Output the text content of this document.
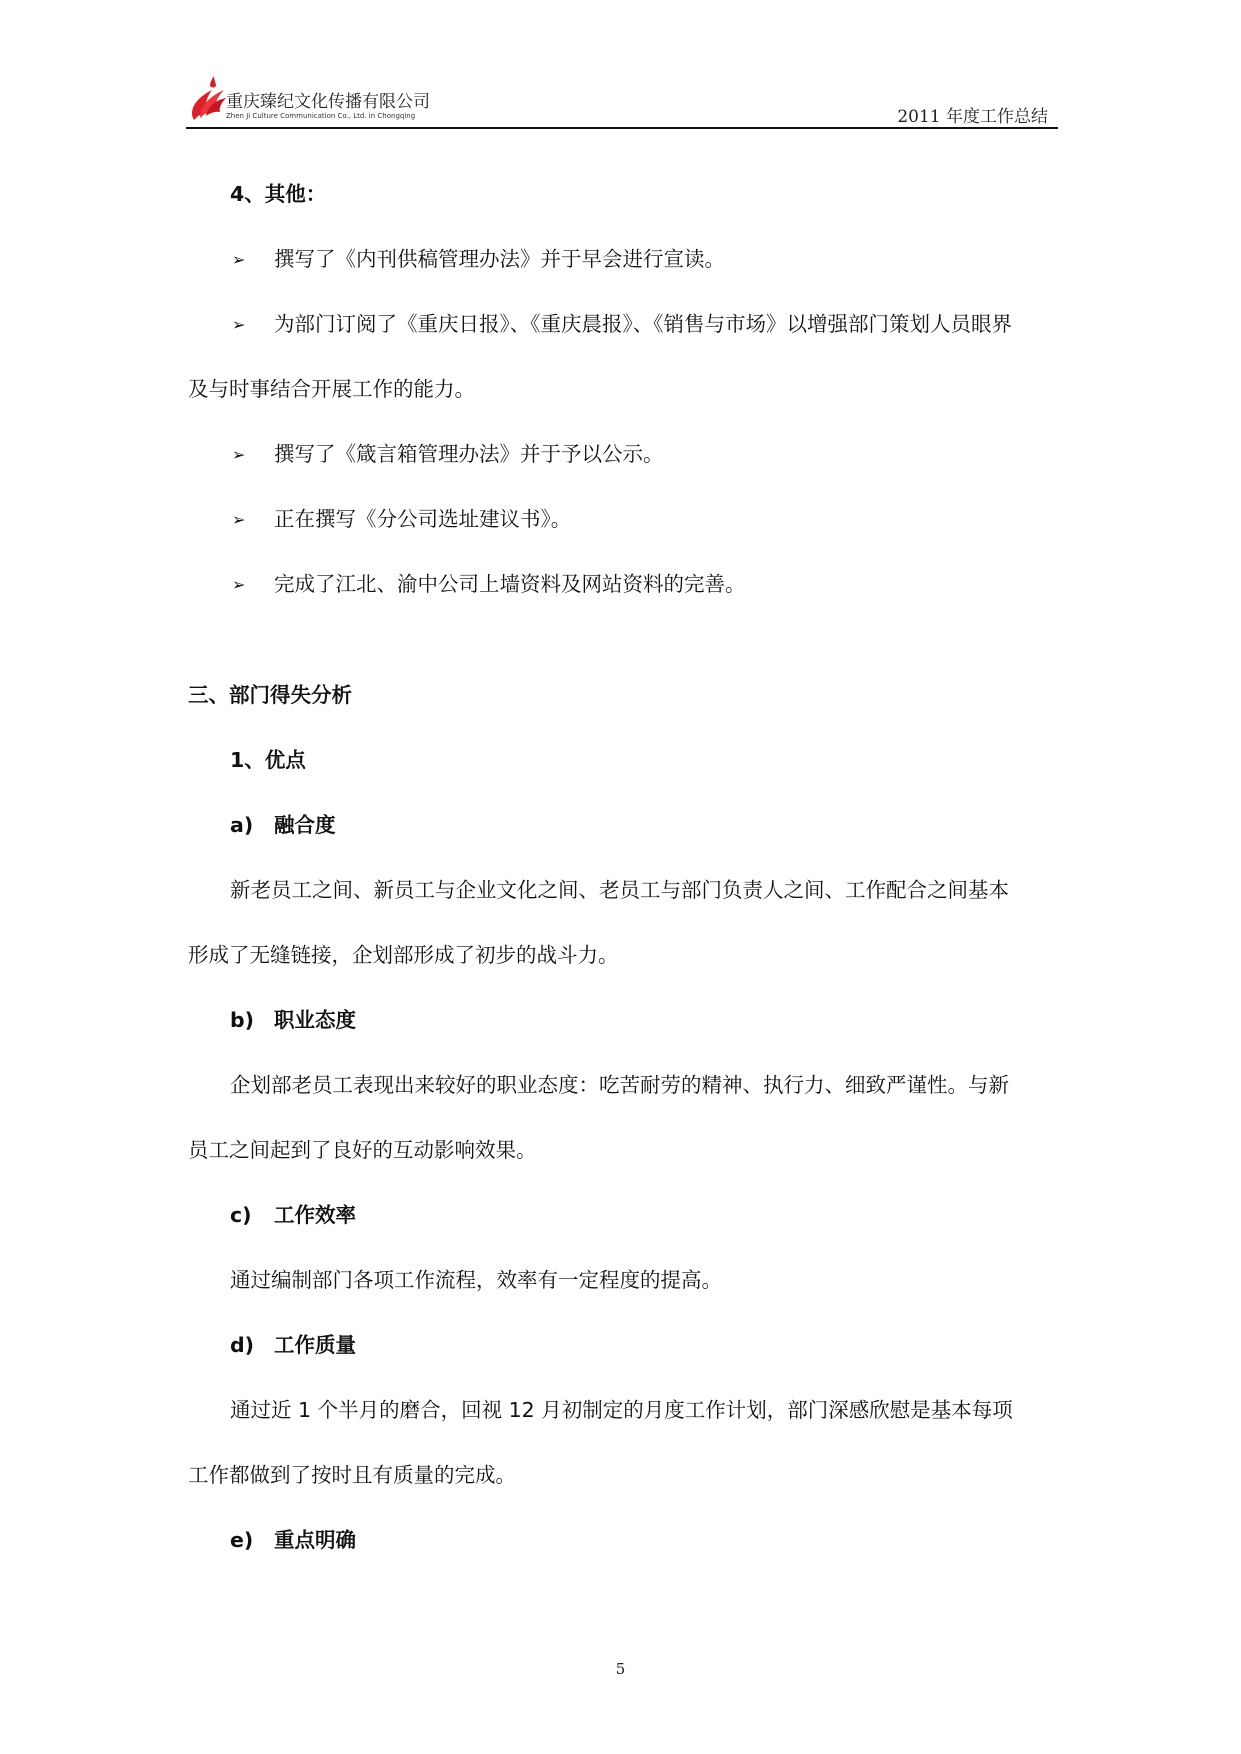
重庆臻纪文化传播有限公司
Zhen Ji Culture Communication Co., Ltd. in Chongqing	2011 年度工作总结
4、其他：
➢ 撰写了《内刊供稿管理办法》并于早会进行宣读。
➢ 为部门订阅了《重庆日报》、《重庆晨报》、《销售与市场》以增强部门策划人员眼界
及与时事结合开展工作的能力。
➢ 撰写了《箴言箱管理办法》并于予以公示。
➢ 正在撰写《分公司选址建议书》。
➢ 完成了江北、渝中公司上墙资料及网站资料的完善。
三、部门得失分析
1、优点
a) 融合度
新老员工之间、新员工与企业文化之间、老员工与部门负责人之间、工作配合之间基本
形成了无缝链接，企划部形成了初步的战斗力。
b) 职业态度
企划部老员工表现出来较好的职业态度：吃苦耐劳的精神、执行力、细致严谨性。与新
员工之间起到了良好的互动影响效果。
c) 工作效率
通过编制部门各项工作流程，效率有一定程度的提高。
d) 工作质量
通过近 1 个半月的磨合，回视 12 月初制定的月度工作计划，部门深感欣慰是基本每项
工作都做到了按时且有质量的完成。
e) 重点明确
5
